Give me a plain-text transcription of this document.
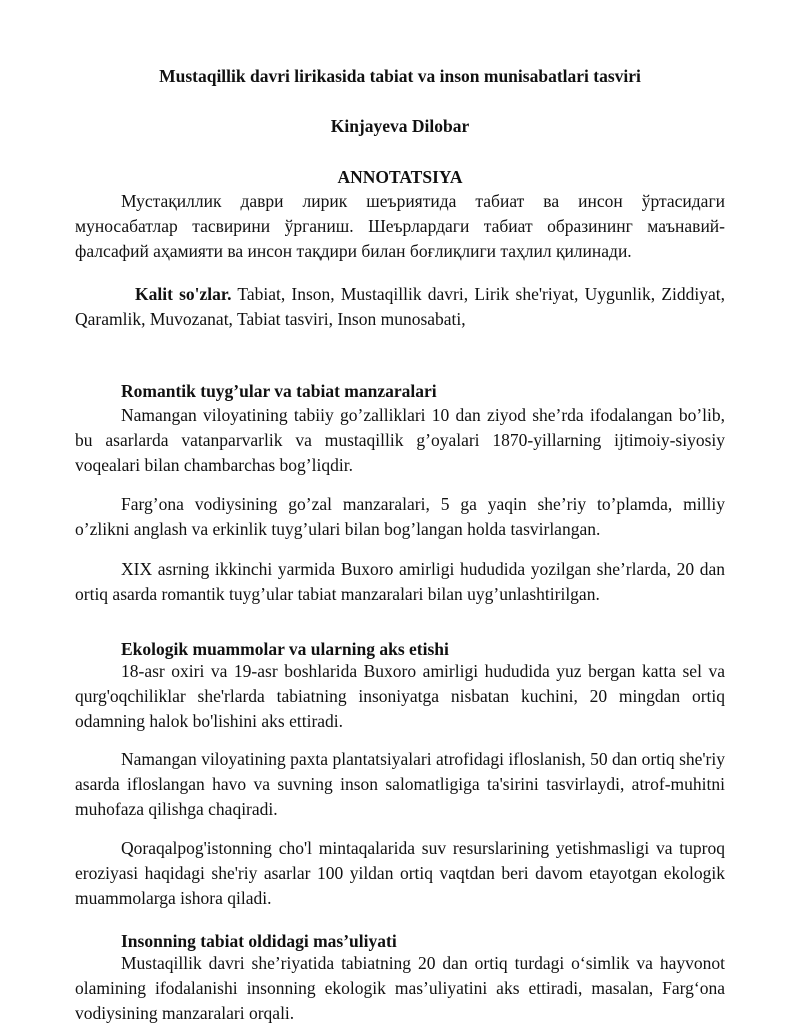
Mustaqillik davri lirikasida tabiat va inson munisabatlari tasviri

Kinjayeva Dilobar

ANNOTATSIYA

Мустақиллик даври лирик шеъриятида табиат ва инсон ўртасидаги муносабатлар тасвирини ўрганиш. Шеърлардаги табиат образининг маънавий-фалсафий аҳамияти ва инсон тақдири билан боғлиқлиги таҳлил қилинади.

Kalit so'zlar. Tabiat, Inson, Mustaqillik davri, Lirik she'riyat, Uygunlik, Ziddiyat, Qaramlik, Muvozanat, Tabiat tasviri, Inson munosabati,

Romantik tuyg’ular va tabiat manzaralari

Namangan viloyatining tabiiy go’zalliklari 10 dan ziyod she’rda ifodalangan bo’lib, bu asarlarda vatanparvarlik va mustaqillik g’oyalari 1870-yillarning ijtimoiy-siyosiy voqealari bilan chambarchas bog’liqdir.

Farg’ona vodiysining go’zal manzaralari, 5 ga yaqin she’riy to’plamda, milliy o’zlikni anglash va erkinlik tuyg’ulari bilan bog’langan holda tasvirlangan.

XIX asrning ikkinchi yarmida Buxoro amirligi hududida yozilgan she’rlarda, 20 dan ortiq asarda romantik tuyg’ular tabiat manzaralari bilan uyg’unlashtirilgan.

Ekologik muammolar va ularning aks etishi

18-asr oxiri va 19-asr boshlarida Buxoro amirligi hududida yuz bergan katta sel va qurg'oqchiliklar she'rlarda tabiatning insoniyatga nisbatan kuchini, 20 mingdan ortiq odamning halok bo'lishini aks ettiradi.

Namangan viloyatining paxta plantatsiyalari atrofidagi ifloslanish, 50 dan ortiq she'riy asarda ifloslangan havo va suvning inson salomatligiga ta'sirini tasvirlaydi, atrof-muhitni muhofaza qilishga chaqiradi.

Qoraqalpog'istonning cho'l mintaqalarida suv resurslarining yetishmasligi va tuproq eroziyasi haqidagi she'riy asarlar 100 yildan ortiq vaqtdan beri davom etayotgan ekologik muammolarga ishora qiladi.

Insonning tabiat oldidagi mas’uliyati

Mustaqillik davri she’riyatida tabiatning 20 dan ortiq turdagi o‘simlik va hayvonot olamining ifodalanishi insonning ekologik mas’uliyatini aks ettiradi, masalan, Farg‘ona vodiysining manzaralari orqali.
